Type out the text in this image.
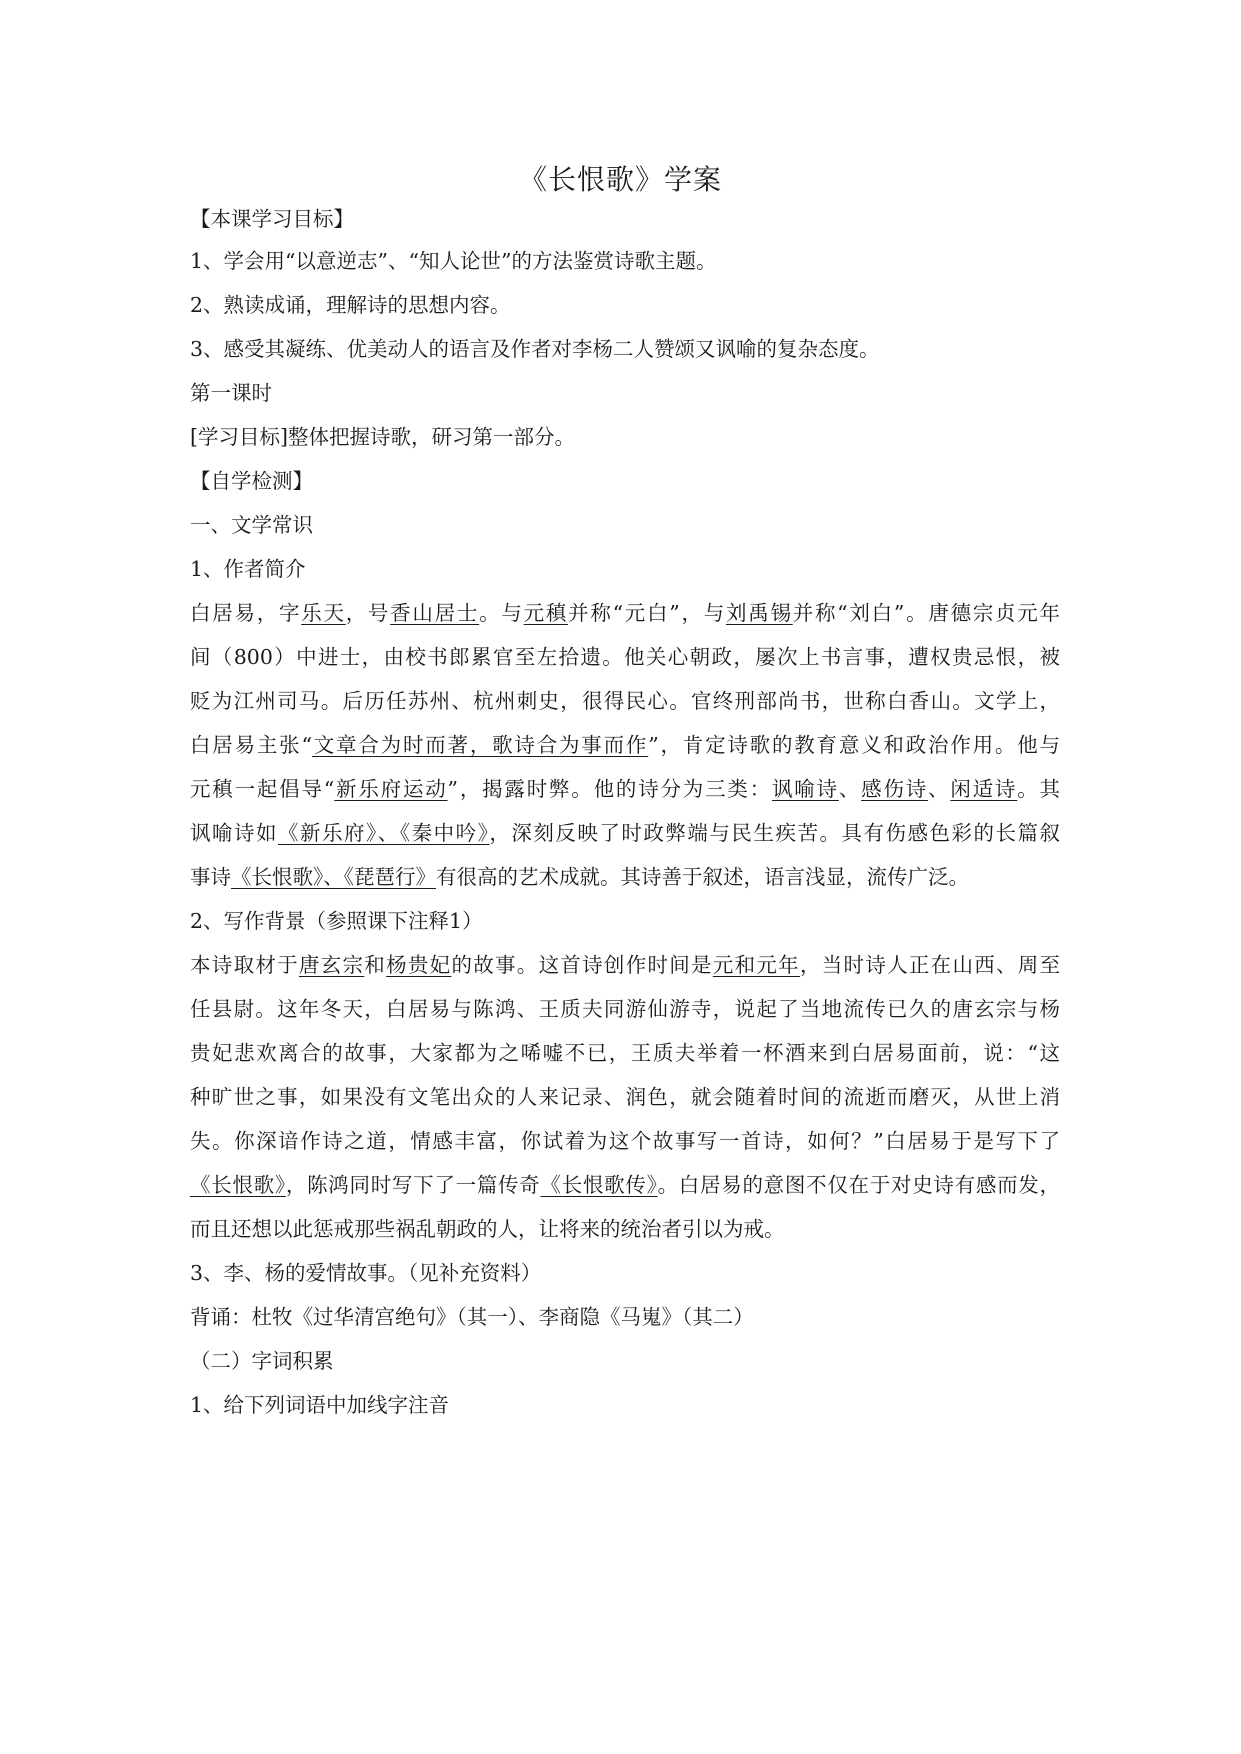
《长恨歌》学案
【本课学习目标】
1、学会用“以意逆志”、“知人论世”的方法鉴赏诗歌主题。
2、熟读成诵，理解诗的思想内容。
3、感受其凝练、优美动人的语言及作者对李杨二人赞颂又讽喻的复杂态度。
第一课时
[学习目标]整体把握诗歌，研习第一部分。
【自学检测】
一、文学常识
1、作者简介
白居易，字乐天，号香山居士。与元稹并称“元白”，与刘禹锡并称“刘白”。唐德宗贞元年
间（800）中进士，由校书郎累官至左拾遗。他关心朝政，屡次上书言事，遭权贵忌恨，被
贬为江州司马。后历任苏州、杭州刺史，很得民心。官终刑部尚书，世称白香山。文学上，
白居易主张“文章合为时而著，歌诗合为事而作”，肯定诗歌的教育意义和政治作用。他与
元稹一起倡导“新乐府运动”，揭露时弊。他的诗分为三类：讽喻诗、感伤诗、闲适诗。其
讽喻诗如《新乐府》、《秦中吟》，深刻反映了时政弊端与民生疾苦。具有伤感色彩的长篇叙
事诗《长恨歌》、《琵琶行》有很高的艺术成就。其诗善于叙述，语言浅显，流传广泛。
2、写作背景（参照课下注释1）
本诗取材于唐玄宗和杨贵妃的故事。这首诗创作时间是元和元年，当时诗人正在山西、周至
任县尉。这年冬天，白居易与陈鸿、王质夫同游仙游寺，说起了当地流传已久的唐玄宗与杨
贵妃悲欢离合的故事，大家都为之唏嘘不已，王质夫举着一杯酒来到白居易面前，说：“这
种旷世之事，如果没有文笔出众的人来记录、润色，就会随着时间的流逝而磨灭，从世上消
失。你深谙作诗之道，情感丰富，你试着为这个故事写一首诗，如何？”白居易于是写下了
《长恨歌》，陈鸿同时写下了一篇传奇《长恨歌传》。白居易的意图不仅在于对史诗有感而发，
而且还想以此惩戒那些祸乱朝政的人，让将来的统治者引以为戒。
3、李、杨的爱情故事。（见补充资料）
背诵：杜牧《过华清宫绝句》（其一）、李商隐《马嵬》（其二）
（二）字词积累
1、给下列词语中加线字注音
